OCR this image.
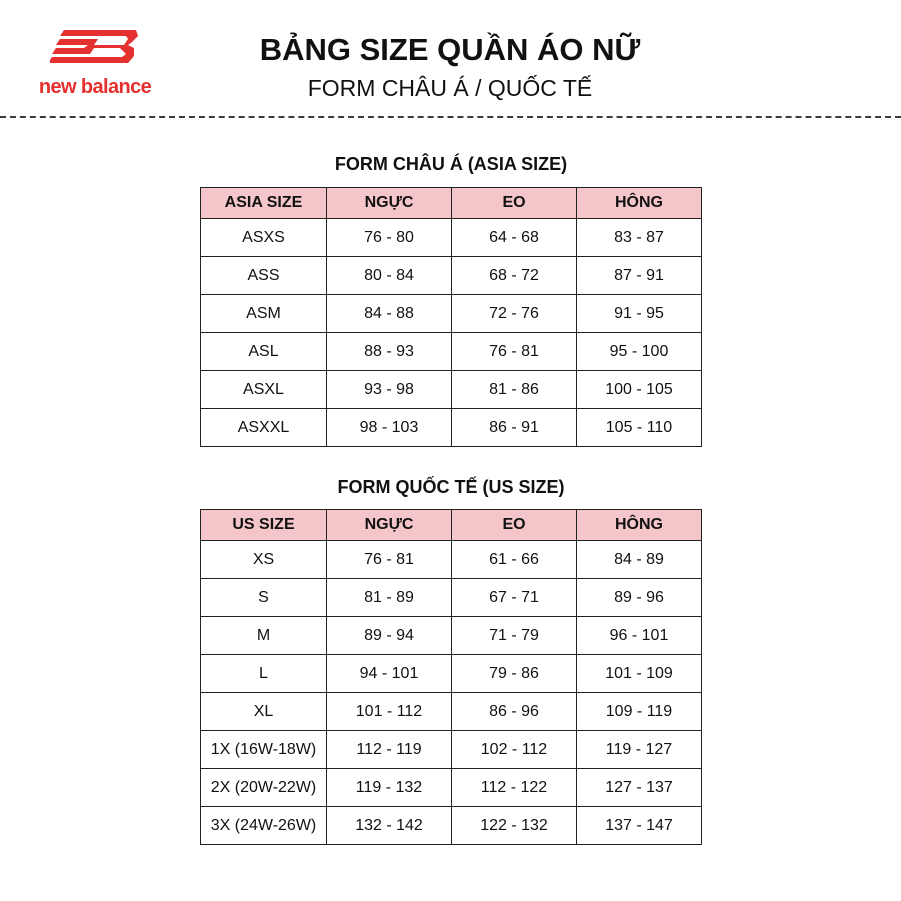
new balance
BẢNG SIZE QUẦN ÁO NỮ
FORM CHÂU Á / QUỐC TẾ
FORM CHÂU Á (ASIA SIZE)
ASIA SIZE	NGỰC	EO	HÔNG
ASXS	76 - 80	64 - 68	83 - 87
ASS	80 - 84	68 - 72	87 - 91
ASM	84 - 88	72 - 76	91 - 95
ASL	88 - 93	76 - 81	95 - 100
ASXL	93 - 98	81 - 86	100 - 105
ASXXL	98 - 103	86 - 91	105 - 110
FORM QUỐC TẾ (US SIZE)
US SIZE	NGỰC	EO	HÔNG
XS	76 - 81	61 - 66	84 - 89
S	81 - 89	67 - 71	89 - 96
M	89 - 94	71 - 79	96 - 101
L	94 - 101	79 - 86	101 - 109
XL	101 - 112	86 - 96	109 - 119
1X (16W-18W)	112 - 119	102 - 112	119 - 127
2X (20W-22W)	119 - 132	112 - 122	127 - 137
3X (24W-26W)	132 - 142	122 - 132	137 - 147
